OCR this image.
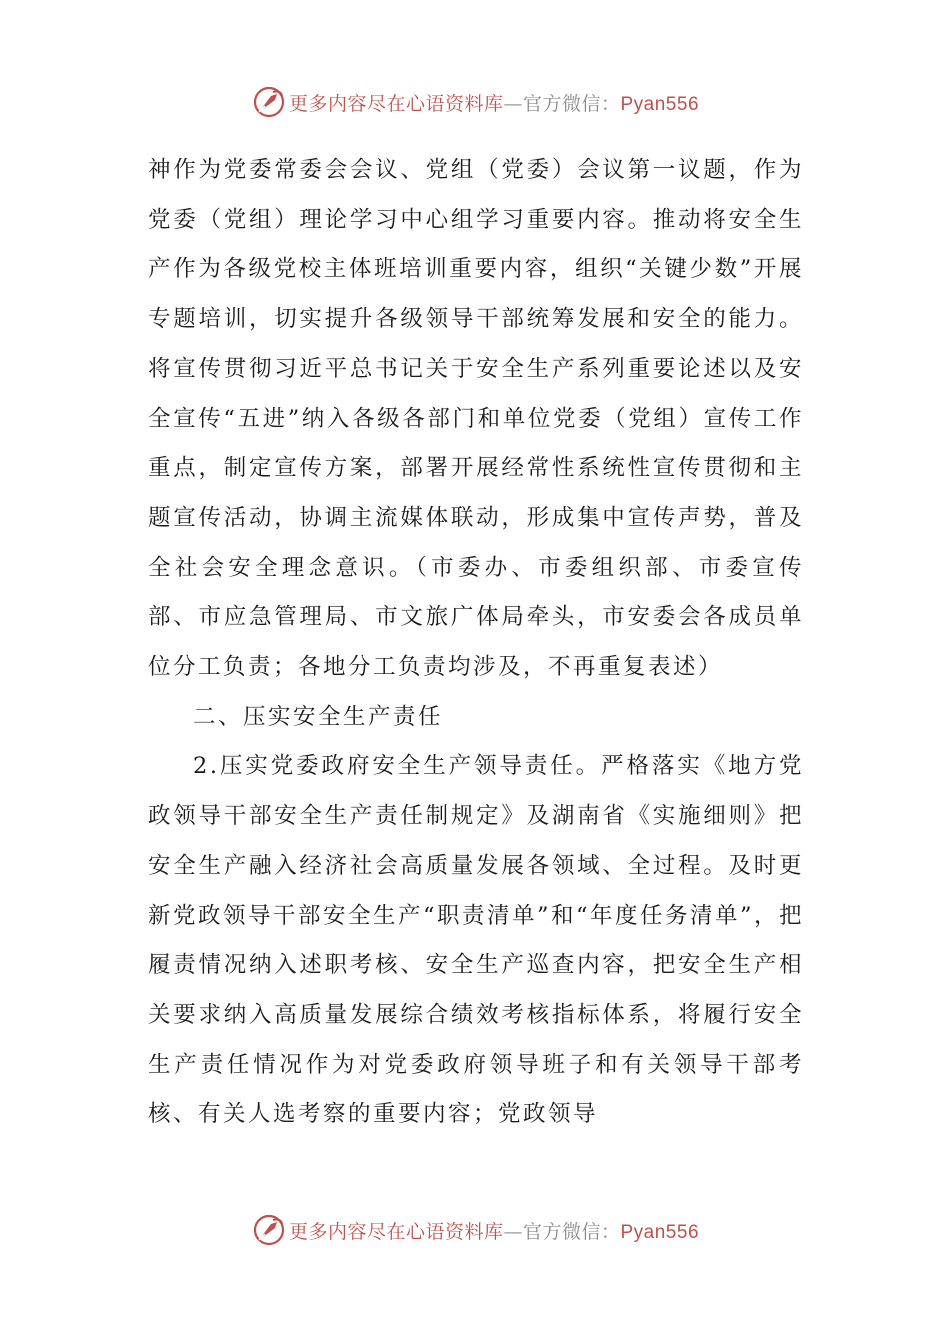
更多内容尽在心语资料库—官方微信：Pyan556

神作为党委常委会会议、党组（党委）会议第一议题，作为党委（党组）理论学习中心组学习重要内容。推动将安全生产作为各级党校主体班培训重要内容，组织“关键少数”开展专题培训，切实提升各级领导干部统筹发展和安全的能力。将宣传贯彻习近平总书记关于安全生产系列重要论述以及安全宣传“五进”纳入各级各部门和单位党委（党组）宣传工作重点，制定宣传方案，部署开展经常性系统性宣传贯彻和主题宣传活动，协调主流媒体联动，形成集中宣传声势，普及全社会安全理念意识。（市委办、市委组织部、市委宣传部、市应急管理局、市文旅广体局牵头，市安委会各成员单位分工负责；各地分工负责均涉及，不再重复表述）

二、压实安全生产责任

2.压实党委政府安全生产领导责任。严格落实《地方党政领导干部安全生产责任制规定》及湖南省《实施细则》把安全生产融入经济社会高质量发展各领域、全过程。及时更新党政领导干部安全生产“职责清单”和“年度任务清单”，把履责情况纳入述职考核、安全生产巡查内容，把安全生产相关要求纳入高质量发展综合绩效考核指标体系，将履行安全生产责任情况作为对党委政府领导班子和有关领导干部考核、有关人选考察的重要内容；党政领导

更多内容尽在心语资料库—官方微信：Pyan556
